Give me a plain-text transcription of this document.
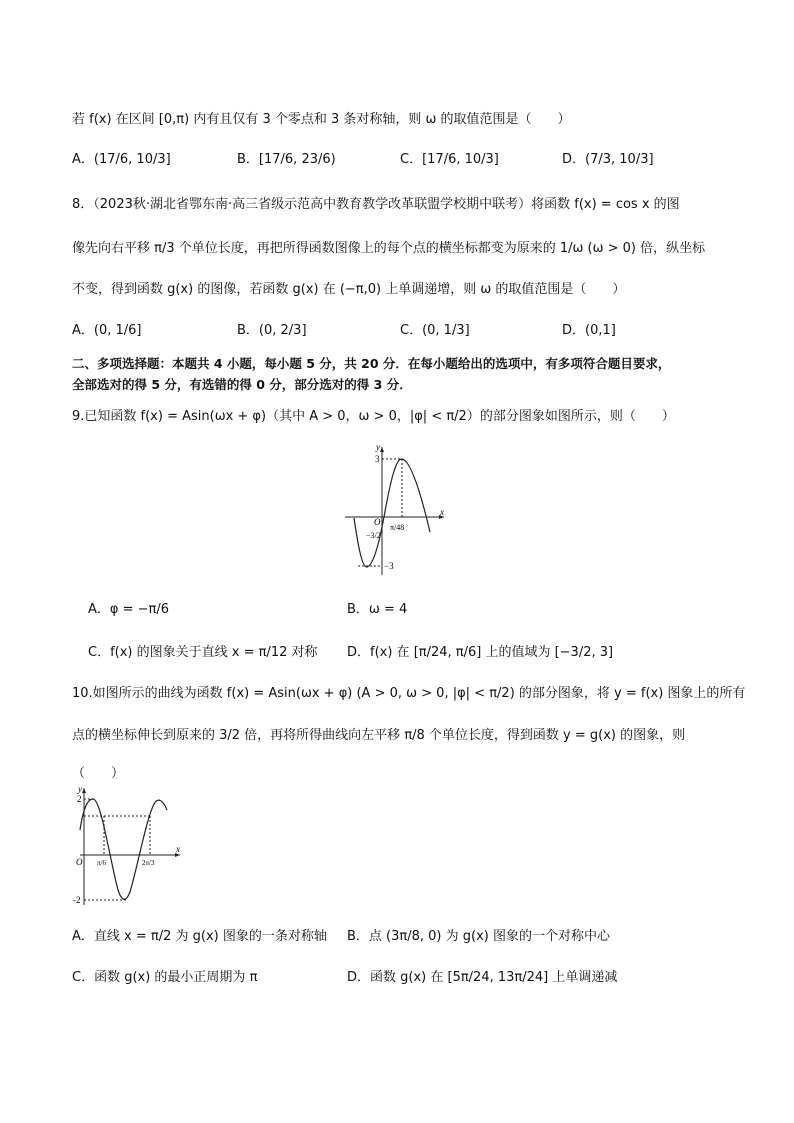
若 f(x) 在区间 [0,π) 内有且仅有 3 个零点和 3 条对称轴，则 ω 的取值范围是（　　）
A．(17/6, 10/3]	B．[17/6, 23/6)	C．[17/6, 10/3]	D．(7/3, 10/3]
8．（2023秋·湖北省鄂东南·高三省级示范高中教育教学改革联盟学校期中联考）将函数 f(x) = cos x 的图
像先向右平移 π/3 个单位长度，再把所得函数图像上的每个点的横坐标都变为原来的 1/ω (ω > 0) 倍，纵坐标
不变，得到函数 g(x) 的图像，若函数 g(x) 在 (−π,0) 上单调递增，则 ω 的取值范围是（　　）
A．(0, 1/6]	B．(0, 2/3]	C．(0, 1/3]	D．(0,1]
二、多项选择题：本题共 4 小题，每小题 5 分，共 20 分．在每小题给出的选项中，有多项符合题目要求，
全部选对的得 5 分，有选错的得 0 分，部分选对的得 3 分．
9.已知函数 f(x) = Asin(ωx + φ)（其中 A > 0，ω > 0，|φ| < π/2）的部分图象如图所示，则（　　）
y
x
O
3
−3
−3/2
π/48
A．φ = −π/6	B．ω = 4
C．f(x) 的图象关于直线 x = π/12 对称 D．f(x) 在 [π/24, π/6] 上的值域为 [−3/2, 3]
10.如图所示的曲线为函数 f(x) = Asin(ωx + φ) (A > 0, ω > 0, |φ| < π/2) 的部分图象，将 y = f(x) 图象上的所有
点的横坐标伸长到原来的 3/2 倍，再将所得曲线向左平移 π/8 个单位长度，得到函数 y = g(x) 的图象，则
（　　）
y
x
O
2
-2
π/6	2π/3
A．直线 x = π/2 为 g(x) 图象的一条对称轴 B．点 (3π/8, 0) 为 g(x) 图象的一个对称中心
C．函数 g(x) 的最小正周期为 π	D．函数 g(x) 在 [5π/24, 13π/24] 上单调递减
